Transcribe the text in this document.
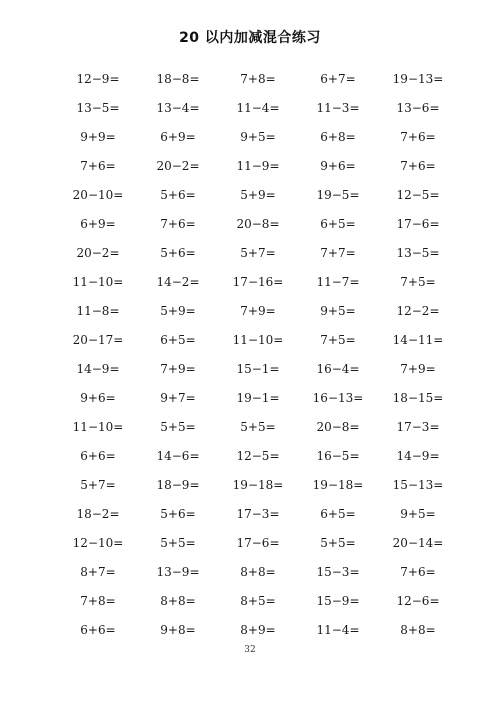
20 以内加减混合练习
12−9=	18−8=	7+8=	6+7=	19−13=
13−5=	13−4=	11−4=	11−3=	13−6=
9+9=	6+9=	9+5=	6+8=	7+6=
7+6=	20−2=	11−9=	9+6=	7+6=
20−10=	5+6=	5+9=	19−5=	12−5=
6+9=	7+6=	20−8=	6+5=	17−6=
20−2=	5+6=	5+7=	7+7=	13−5=
11−10=	14−2=	17−16=	11−7=	7+5=
11−8=	5+9=	7+9=	9+5=	12−2=
20−17=	6+5=	11−10=	7+5=	14−11=
14−9=	7+9=	15−1=	16−4=	7+9=
9+6=	9+7=	19−1=	16−13=	18−15=
11−10=	5+5=	5+5=	20−8=	17−3=
6+6=	14−6=	12−5=	16−5=	14−9=
5+7=	18−9=	19−18=	19−18=	15−13=
18−2=	5+6=	17−3=	6+5=	9+5=
12−10=	5+5=	17−6=	5+5=	20−14=
8+7=	13−9=	8+8=	15−3=	7+6=
7+8=	8+8=	8+5=	15−9=	12−6=
6+6=	9+8=	8+9=	11−4=	8+8=
32
